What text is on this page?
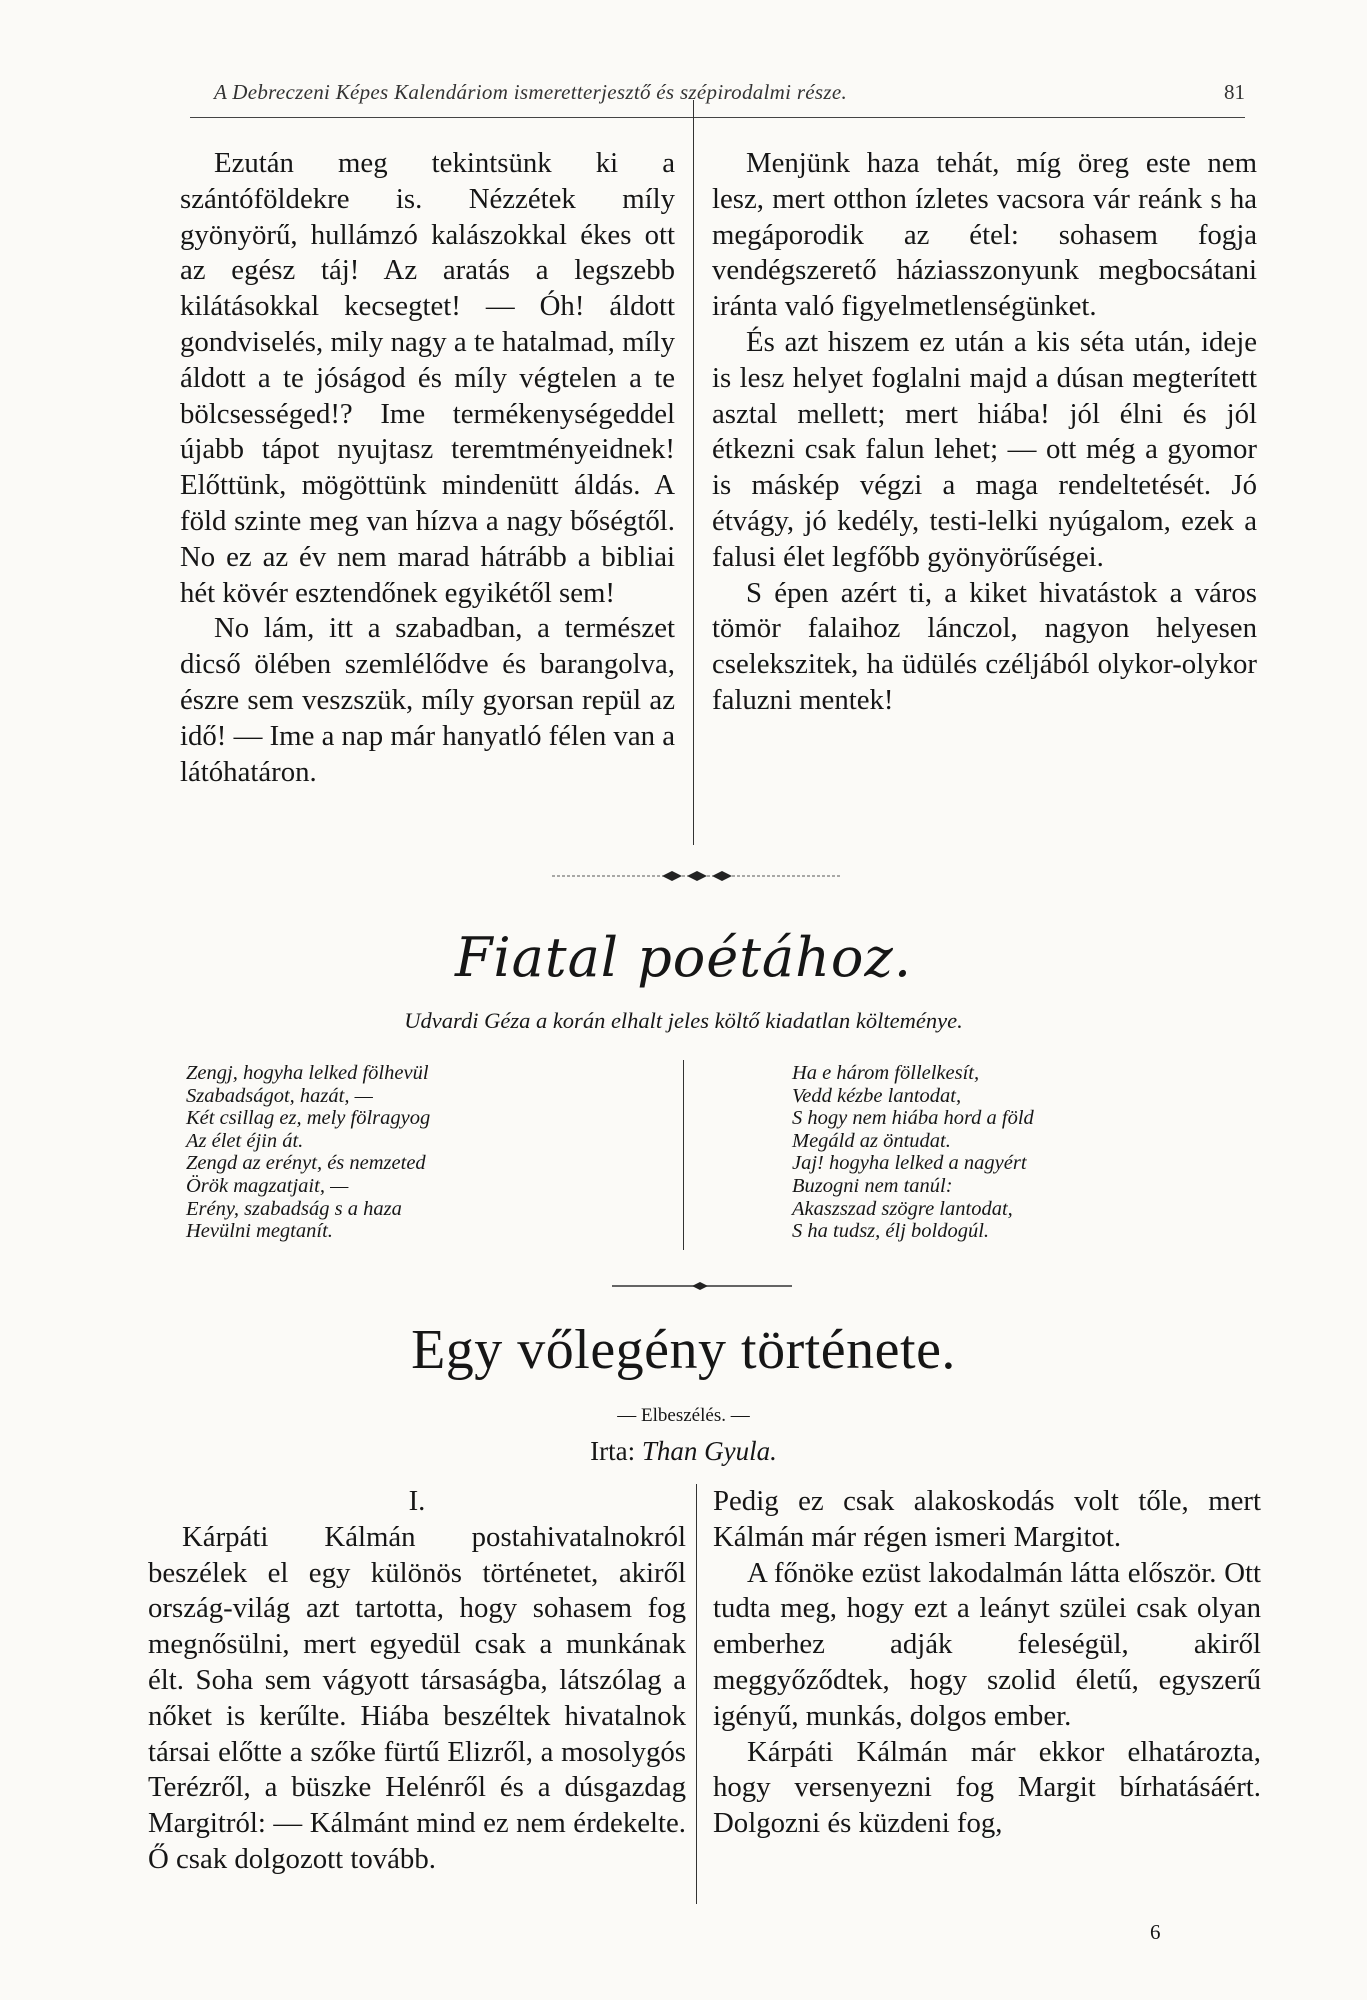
A Debreczeni Képes Kalendáriom ismeretterjesztő és szépirodalmi része.	81

Ezután meg tekintsünk ki a szántóföldekre is. Nézzétek míly gyönyörű, hullámzó kalászokkal ékes ott az egész táj! Az aratás a legszebb kilátásokkal kecsegtet! — Óh! áldott gondviselés, mily nagy a te hatalmad, míly áldott a te jóságod és míly végtelen a te bölcsességed!? Ime termékenységeddel újabb tápot nyujtasz teremtményeidnek! Előttünk, mögöttünk mindenütt áldás. A föld szinte meg van hízva a nagy bőségtől. No ez az év nem marad hátrább a bibliai hét kövér esztendőnek egyikétől sem!

No lám, itt a szabadban, a természet dicső ölében szemlélődve és barangolva, észre sem veszszük, míly gyorsan repül az idő! — Ime a nap már hanyatló félen van a látóhatáron.

Menjünk haza tehát, míg öreg este nem lesz, mert otthon ízletes vacsora vár reánk s ha megáporodik az étel: sohasem fogja vendégszerető háziasszonyunk megbocsátani iránta való figyelmetlenségünket.

És azt hiszem ez után a kis séta után, ideje is lesz helyet foglalni majd a dúsan megterített asztal mellett; mert hiába! jól élni és jól étkezni csak falun lehet; — ott még a gyomor is máskép végzi a maga rendeltetését. Jó étvágy, jó kedély, testi-lelki nyúgalom, ezek a falusi élet legfőbb gyönyörűségei.

S épen azért ti, a kiket hivatástok a város tömör falaihoz lánczol, nagyon helyesen cselekszitek, ha üdülés czéljából olykor-olykor faluzni mentek!

Fiatal poétához.
Udvardi Géza a korán elhalt jeles költő kiadatlan költeménye.

Zengj, hogyha lelked fölhevül

Szabadságot, hazát, —

Két csillag ez, mely fölragyog

Az élet éjin át.

Zengd az erényt, és nemzeted

Örök magzatjait, —

Erény, szabadság s a haza

Hevülni megtanít.

Ha e három föllelkesít,

Vedd kézbe lantodat,

S hogy nem hiába hord a föld

Megáld az öntudat.

Jaj! hogyha lelked a nagyért

Buzogni nem tanúl:

Akaszszad szögre lantodat,

S ha tudsz, élj boldogúl.

Egy vőlegény története.
— Elbeszélés. —
Irta: Than Gyula.

I.

Kárpáti Kálmán postahivatalnokról beszélek el egy különös történetet, akiről ország-világ azt tartotta, hogy sohasem fog megnősülni, mert egyedül csak a munkának élt. Soha sem vágyott társaságba, látszólag a nőket is kerűlte. Hiába beszéltek hivatalnok társai előtte a szőke fürtű Elizről, a mosolygós Terézről, a büszke Helénről és a dúsgazdag Margitról: — Kálmánt mind ez nem érdekelte. Ő csak dolgozott tovább.

Pedig ez csak alakoskodás volt tőle, mert Kálmán már régen ismeri Margitot.

A főnöke ezüst lakodalmán látta először. Ott tudta meg, hogy ezt a leányt szülei csak olyan emberhez adják feleségül, akiről meggyőződtek, hogy szolid életű, egyszerű igényű, munkás, dolgos ember.

Kárpáti Kálmán már ekkor elhatározta, hogy versenyezni fog Margit bírhatásáért. Dolgozni és küzdeni fog,

6
